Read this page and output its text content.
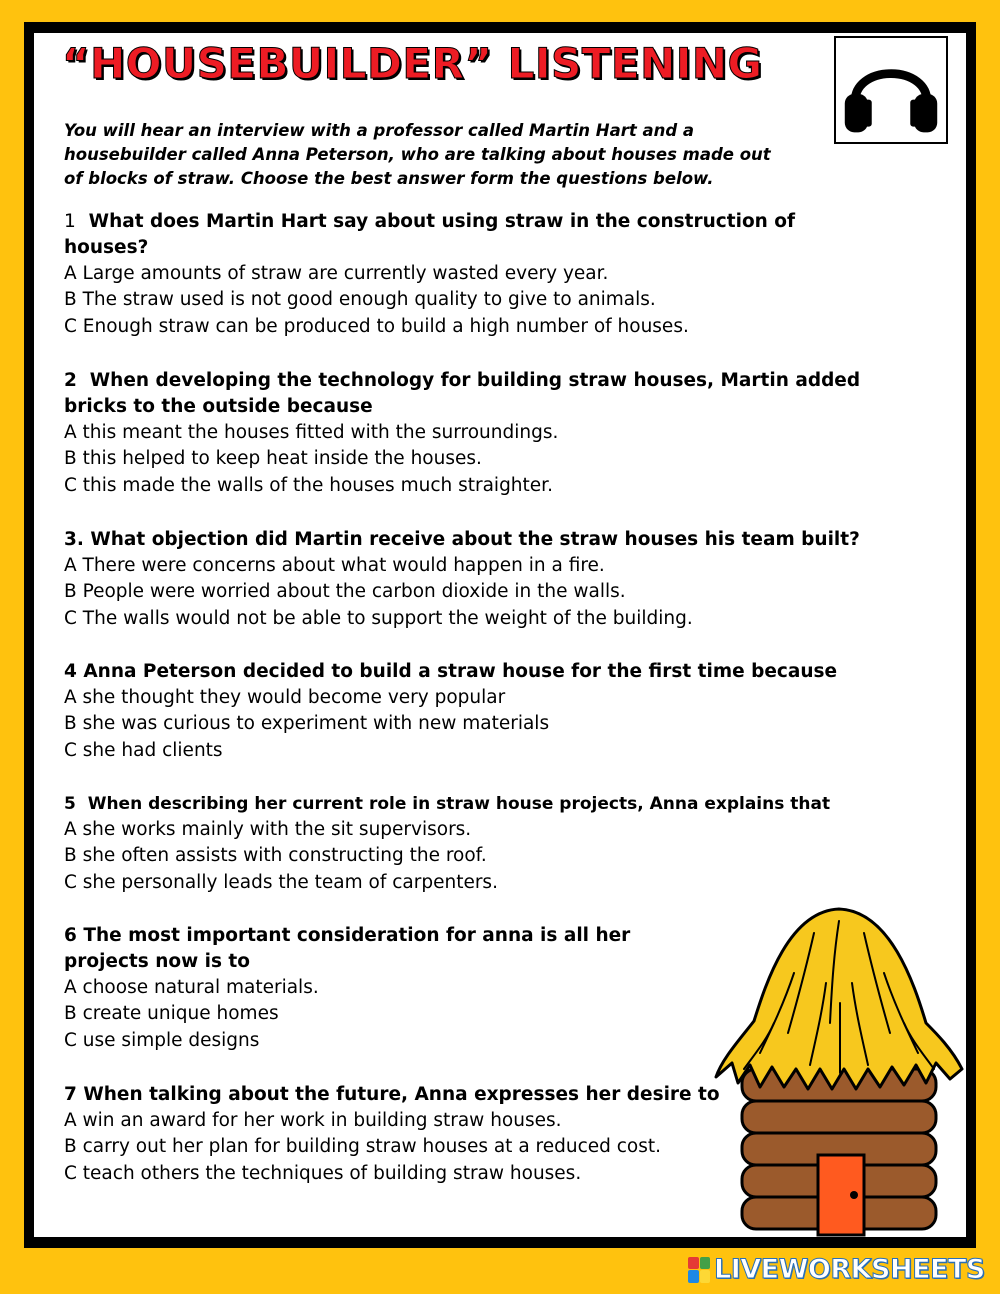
“HOUSEBUILDER” LISTENING

You will hear an interview with a professor called Martin Hart and a housebuilder called Anna Peterson, who are talking about houses made out of blocks of straw. Choose the best answer form the questions below.

1 What does Martin Hart say about using straw in the construction of houses?

A Large amounts of straw are currently wasted every year.

B The straw used is not good enough quality to give to animals.

C Enough straw can be produced to build a high number of houses.

2 When developing the technology for building straw houses, Martin added bricks to the outside because

A this meant the houses fitted with the surroundings.

B this helped to keep heat inside the houses.

C this made the walls of the houses much straighter.

3. What objection did Martin receive about the straw houses his team built?

A There were concerns about what would happen in a fire.

B People were worried about the carbon dioxide in the walls.

C The walls would not be able to support the weight of the building.

4 Anna Peterson decided to build a straw house for the first time because

A she thought they would become very popular

B she was curious to experiment with new materials

C she had clients

5 When describing her current role in straw house projects, Anna explains that

A she works mainly with the sit supervisors.

B she often assists with constructing the roof.

C she personally leads the team of carpenters.

6 The most important consideration for anna is all her projects now is to

A choose natural materials.

B create unique homes

C use simple designs

7 When talking about the future, Anna expresses her desire to

A win an award for her work in building straw houses.

B carry out her plan for building straw houses at a reduced cost.

C teach others the techniques of building straw houses.

LIVEWORKSHEETS
